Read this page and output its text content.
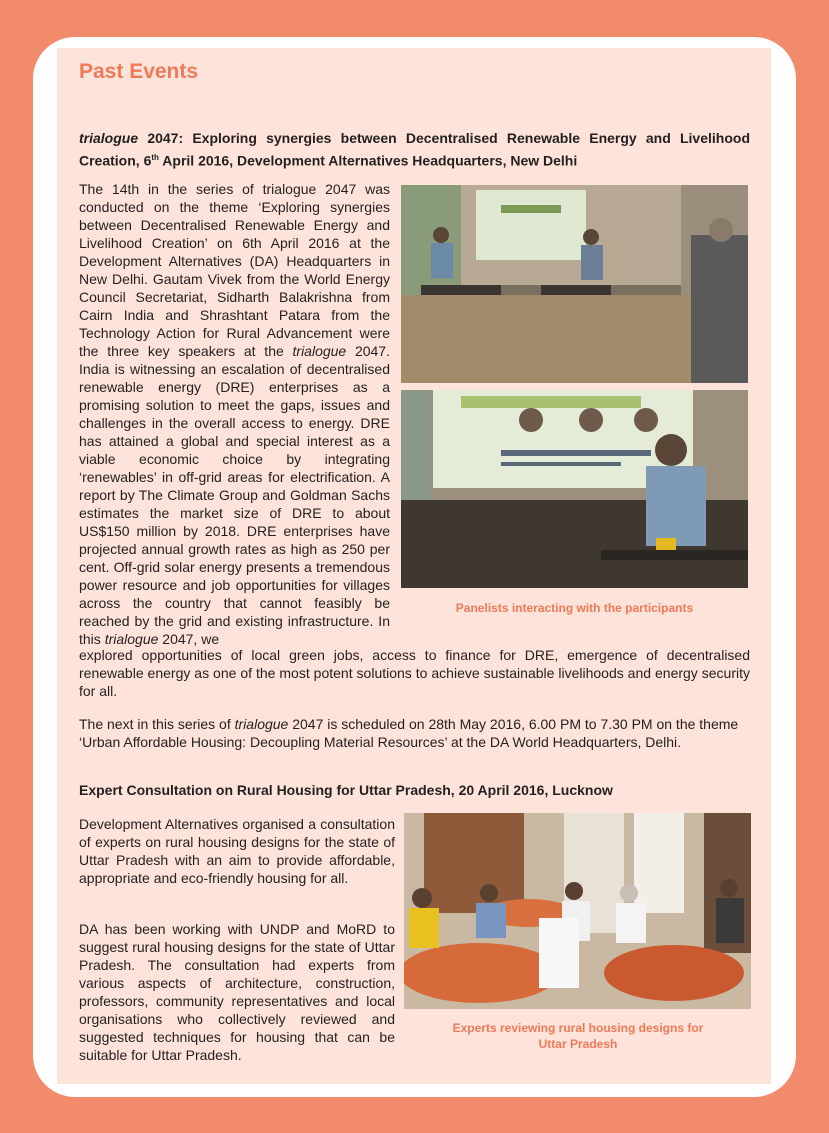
Past Events
trialogue 2047: Exploring synergies between Decentralised Renewable Energy and Livelihood Creation, 6th April 2016, Development Alternatives Headquarters, New Delhi
The 14th in the series of trialogue 2047 was conducted on the theme ‘Exploring synergies between Decentralised Renewable Energy and Livelihood Creation’ on 6th April 2016 at the Development Alternatives (DA) Headquarters in New Delhi. Gautam Vivek from the World Energy Council Secretariat, Sidharth Balakrishna from Cairn India and Shrashtant Patara from the Technology Action for Rural Advancement were the three key speakers at the trialogue 2047. India is witnessing an escalation of decentralised renewable energy (DRE) enterprises as a promising solution to meet the gaps, issues and challenges in the overall access to energy. DRE has attained a global and special interest as a viable economic choice by integrating ‘renewables’ in off-grid areas for electrification. A report by The Climate Group and Goldman Sachs estimates the market size of DRE to about US$150 million by 2018. DRE enterprises have projected annual growth rates as high as 250 per cent. Off-grid solar energy presents a tremendous power resource and job opportunities for villages across the country that cannot feasibly be reached by the grid and existing infrastructure. In this trialogue 2047, we
explored opportunities of local green jobs, access to finance for DRE, emergence of decentralised renewable energy as one of the most potent solutions to achieve sustainable livelihoods and energy security for all.
The next in this series of trialogue 2047 is scheduled on 28th May 2016, 6.00 PM to 7.30 PM on the theme ‘Urban Affordable Housing: Decoupling Material Resources’ at the DA World Headquarters, Delhi.
Panelists interacting with the participants
Expert Consultation on Rural Housing for Uttar Pradesh, 20 April 2016, Lucknow
Development Alternatives organised a consultation of experts on rural housing designs for the state of Uttar Pradesh with an aim to provide affordable, appropriate and eco-friendly housing for all.
DA has been working with UNDP and MoRD to suggest rural housing designs for the state of Uttar Pradesh. The consultation had experts from various aspects of architecture, construction, professors, community representatives and local organisations who collectively reviewed and suggested techniques for housing that can be suitable for Uttar Pradesh.
Experts reviewing rural housing designs for Uttar Pradesh
